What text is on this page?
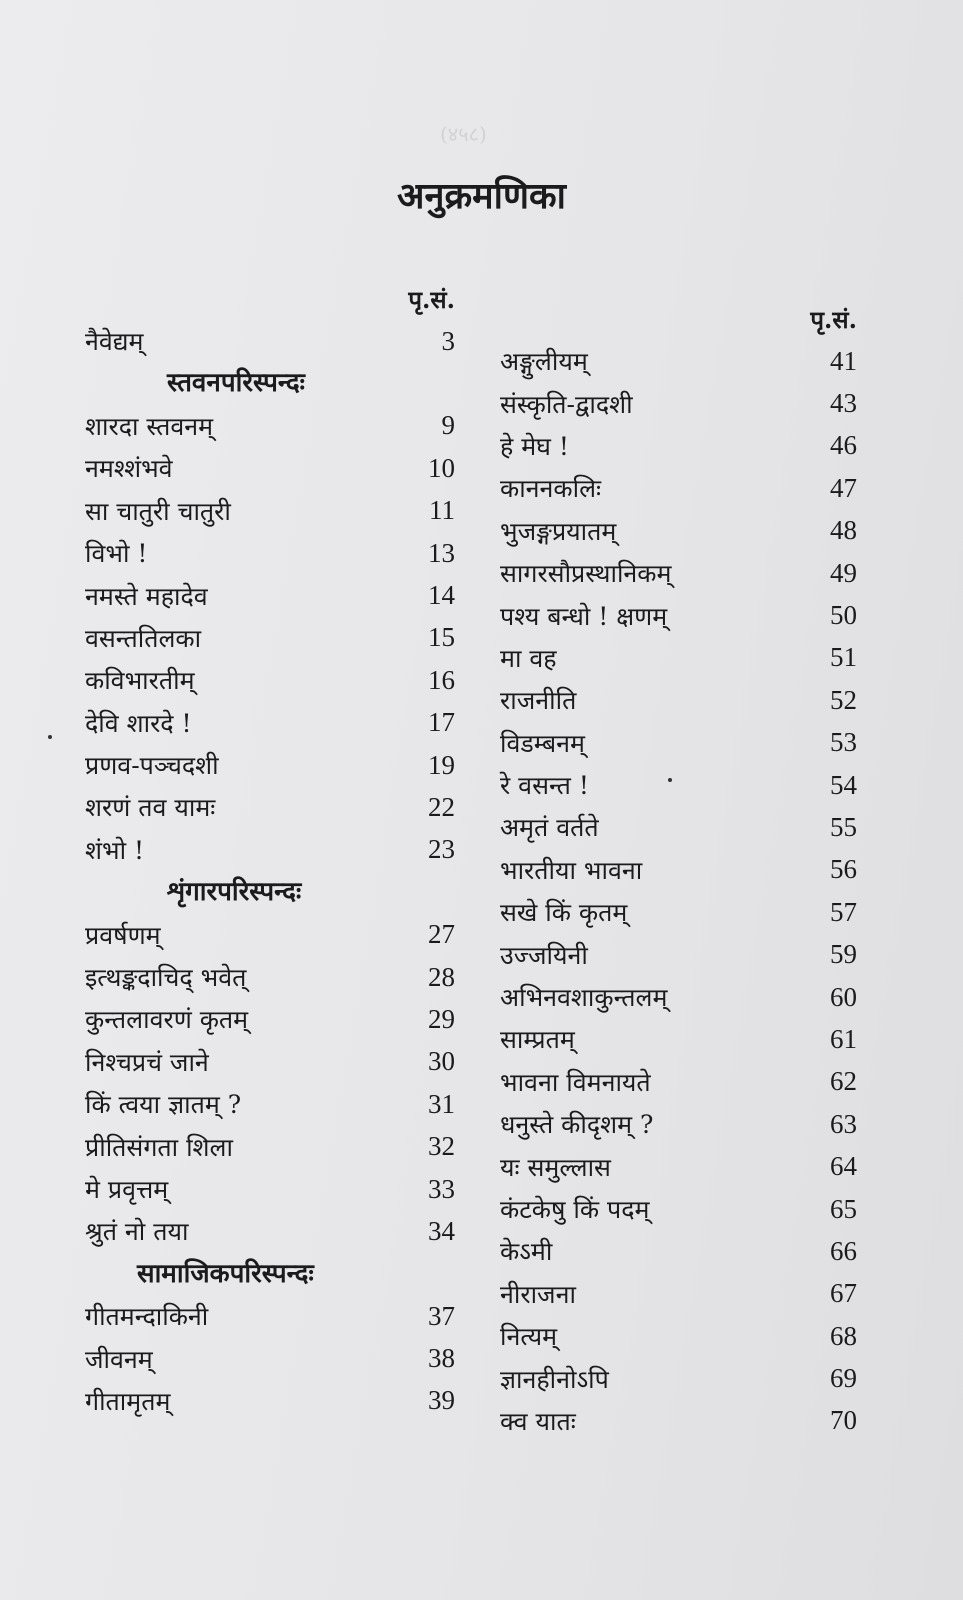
(४५८)
अनुक्रमणिका
पृ.सं.
नैवेद्यम्	3
स्तवनपरिस्पन्दः
शारदा स्तवनम्	9
नमश्शंभवे	10
सा चातुरी चातुरी	11
विभो !	13
नमस्ते महादेव	14
वसन्ततिलका	15
कविभारतीम्	16
देवि शारदे !	17
प्रणव-पञ्चदशी	19
शरणं तव यामः	22
शंभो !	23
शृंगारपरिस्पन्दः
प्रवर्षणम्	27
इत्थङ्कदाचिद् भवेत्	28
कुन्तलावरणं कृतम्	29
निश्चप्रचं जाने	30
किं त्वया ज्ञातम् ?	31
प्रीतिसंगता शिला	32
मे प्रवृत्तम्	33
श्रुतं नो तया	34
सामाजिकपरिस्पन्दः
गीतमन्दाकिनी	37
जीवनम्	38
गीतामृतम्	39
पृ.सं.
अङ्गुलीयम्	41
संस्कृति-द्वादशी	43
हे मेघ !	46
काननकलिः	47
भुजङ्गप्रयातम्	48
सागरसौप्रस्थानिकम्	49
पश्य बन्धो ! क्षणम्	50
मा वह	51
राजनीति	52
विडम्बनम्	53
रे वसन्त !	54
अमृतं वर्तते	55
भारतीया भावना	56
सखे किं कृतम्	57
उज्जयिनी	59
अभिनवशाकुन्तलम्	60
साम्प्रतम्	61
भावना विमनायते	62
धनुस्ते कीदृशम् ?	63
यः समुल्लास	64
कंटकेषु किं पदम्	65
केऽमी	66
नीराजना	67
नित्यम्	68
ज्ञानहीनोऽपि	69
क्व यातः	70
